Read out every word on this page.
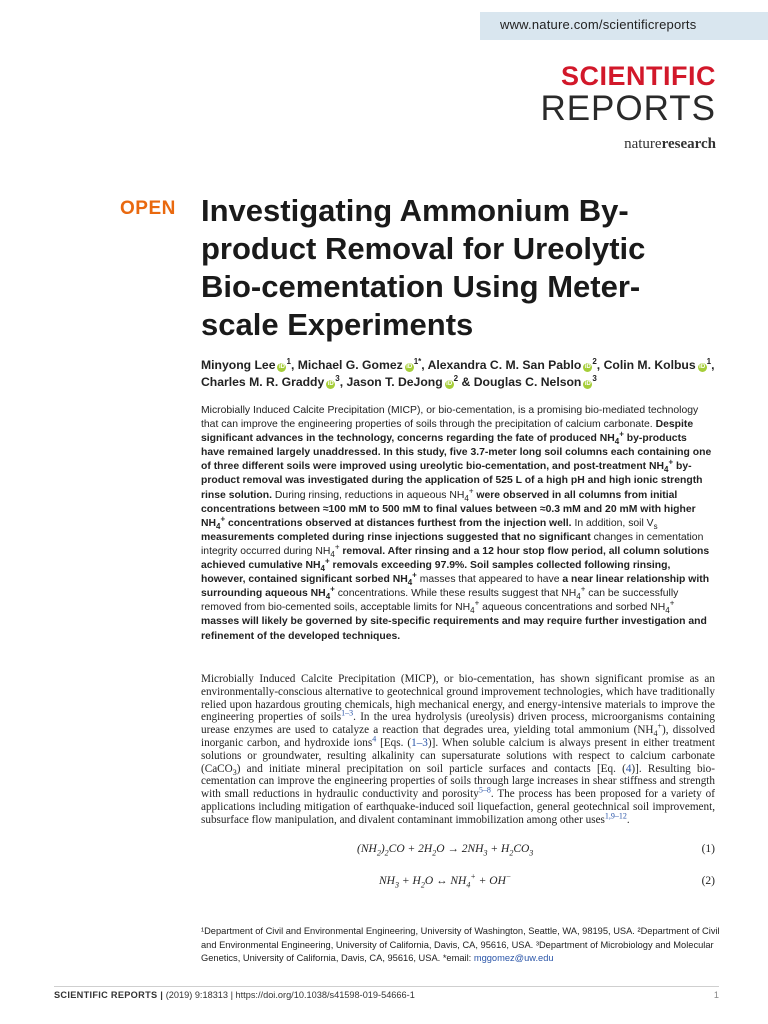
www.nature.com/scientificreports
SCIENTIFIC
REPORTS
natureresearch
OPEN Investigating Ammonium By-product Removal for Ureolytic Bio-cementation Using Meter-scale Experiments
Minyong Lee $iD^1$, Michael G. Gomez $iD^{1*}$, Alexandra C. M. San Pablo $iD^2$, Colin M. Kolbus $iD^1$, Charles M. R. Graddy $iD^3$, Jason T. DeJong $iD^2$ & Douglas C. Nelson $iD^3$
Microbially Induced Calcite Precipitation (MICP), or bio-cementation, is a promising bio-mediated technology that can improve the engineering properties of soils through the precipitation of calcium carbonate. Despite significant advances in the technology, concerns regarding the fate of produced $NH_4^+$ by-products have remained largely unaddressed. In this study, five 3.7-meter long soil columns each containing one of three different soils were improved using ureolytic bio-cementation, and post-treatment $NH_4^+$ by-product removal was investigated during the application of 525 L of a high pH and high ionic strength rinse solution. During rinsing, reductions in aqueous $NH_4^+$ were observed in all columns from initial concentrations between ≈100 mM to 500 mM to final values between ≈0.3 mM and 20 mM with higher $NH_4^+$ concentrations observed at distances furthest from the injection well. In addition, soil $V_s$ measurements completed during rinse injections suggested that no significant changes in cementation integrity occurred during $NH_4^+$ removal. After rinsing and a 12 hour stop flow period, all column solutions achieved cumulative $NH_4^+$ removals exceeding 97.9%. Soil samples collected following rinsing, however, contained significant sorbed $NH_4^+$ masses that appeared to have a near linear relationship with surrounding aqueous $NH_4^+$ concentrations. While these results suggest that $NH_4^+$ can be successfully removed from bio-cemented soils, acceptable limits for $NH_4^+$ aqueous concentrations and sorbed $NH_4^+$ masses will likely be governed by site-specific requirements and may require further investigation and refinement of the developed techniques.
Microbially Induced Calcite Precipitation (MICP), or bio-cementation, has shown significant promise as an environmentally-conscious alternative to geotechnical ground improvement technologies, which have traditionally relied upon hazardous grouting chemicals, high mechanical energy, and energy-intensive materials to improve the engineering properties of soils$^{1-3}$. In the urea hydrolysis (ureolysis) driven process, microorganisms containing urease enzymes are used to catalyze a reaction that degrades urea, yielding total ammonium $(NH_4^+)$, dissolved inorganic carbon, and hydroxide ions$^4$ [Eqs. (1–3)]. When soluble calcium is always present in either treatment solutions or groundwater, resulting alkalinity can supersaturate solutions with respect to calcium carbonate (CaCO$_3$) and initiate mineral precipitation on soil particle surfaces and contacts [Eq. (4)]. Resulting bio-cementation can improve the engineering properties of soils through large increases in shear stiffness and strength with small reductions in hydraulic conductivity and porosity$^{5-8}$. The process has been proposed for a variety of applications including mitigation of earthquake-induced soil liquefaction, general geotechnical soil improvement, subsurface flow manipulation, and divalent contaminant immobilization among other uses$^{1,9-12}$.
$(NH_2)_2CO + 2H_2O \to 2NH_3 + H_2CO_3$	(1)
$NH_3 + H_2O$ ↔ $NH_4^+ + OH^-$	(2)
¹Department of Civil and Environmental Engineering, University of Washington, Seattle, WA, 98195, USA. ²Department of Civil and Environmental Engineering, University of California, Davis, CA, 95616, USA. ³Department of Microbiology and Molecular Genetics, University of California, Davis, CA, 95616, USA. *email: mggomez@uw.edu
SCIENTIFIC REPORTS | (2019) 9:18313 | https://doi.org/10.1038/s41598-019-54666-1	1
